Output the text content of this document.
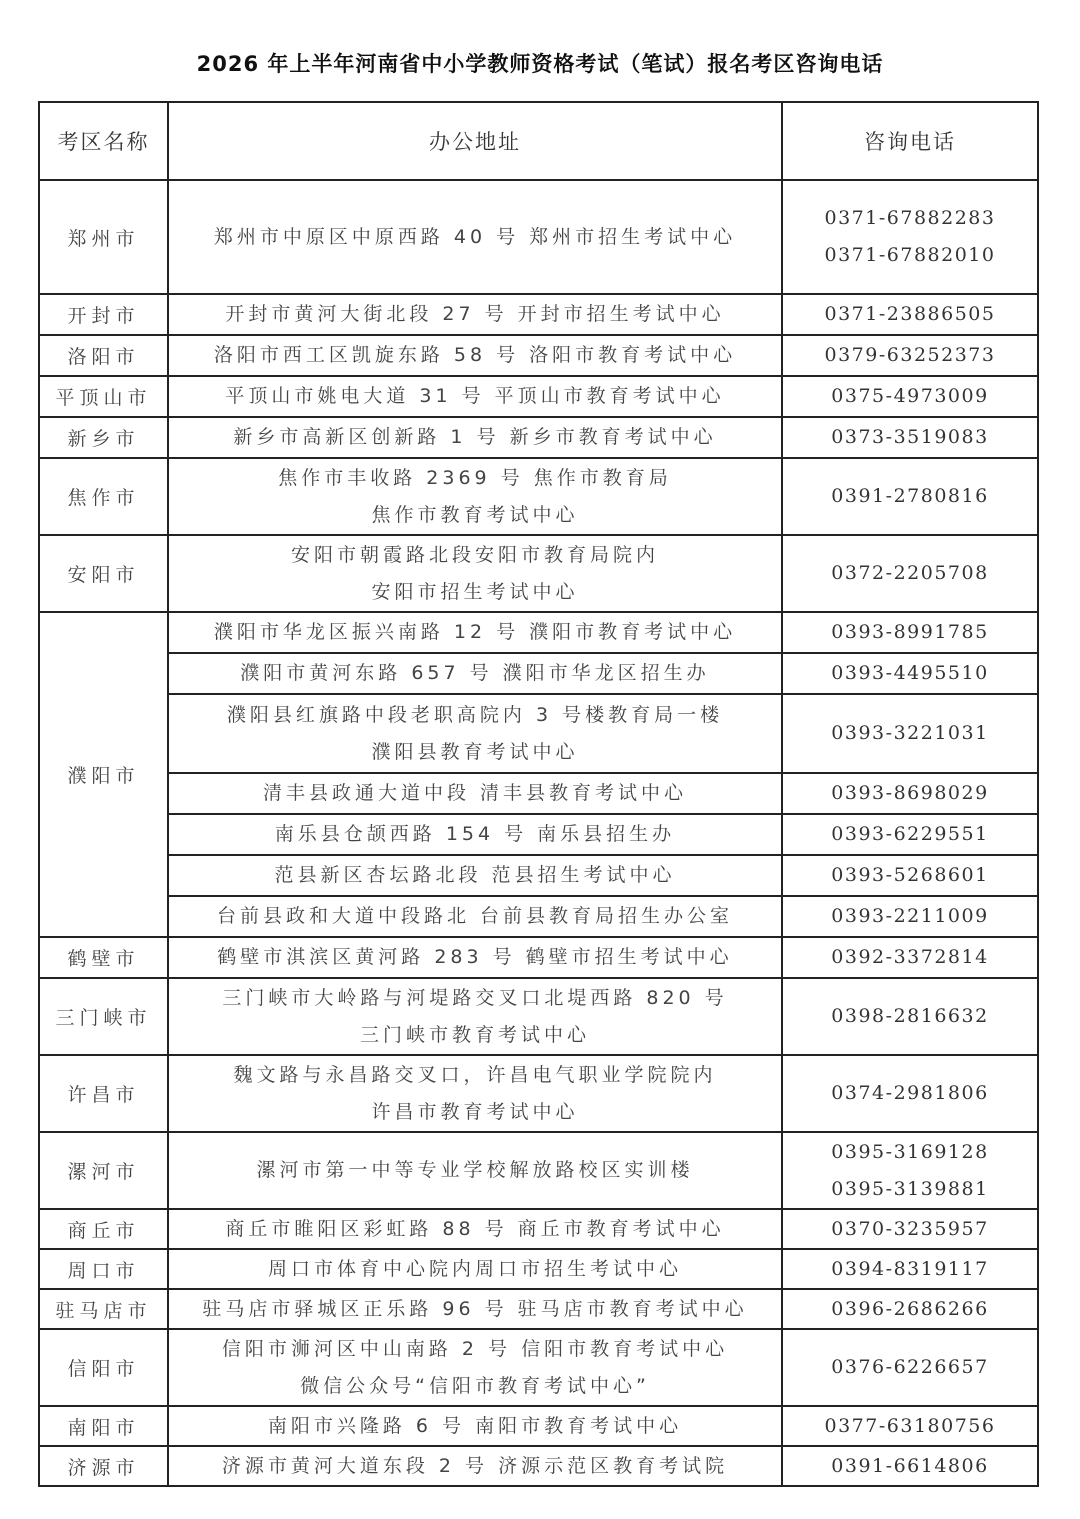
2026 年上半年河南省中小学教师资格考试（笔试）报名考区咨询电话
考区名称	办公地址	咨询电话
郑州市	郑州市中原区中原西路 40 号 郑州市招生考试中心	0371-67882283
0371-67882010

开封市	开封市黄河大街北段 27 号 开封市招生考试中心	0371-23886505

洛阳市	洛阳市西工区凯旋东路 58 号 洛阳市教育考试中心	0379-63252373

平顶山市	平顶山市姚电大道 31 号 平顶山市教育考试中心	0375-4973009

新乡市	新乡市高新区创新路 1 号 新乡市教育考试中心	0373-3519083

焦作市	焦作市丰收路 2369 号 焦作市教育局
焦作市教育考试中心	0391-2780816

安阳市	安阳市朝霞路北段安阳市教育局院内
安阳市招生考试中心	0372-2205708

濮阳市	濮阳市华龙区振兴南路 12 号 濮阳市教育考试中心	0393-8991785

	濮阳市黄河东路 657 号 濮阳市华龙区招生办	0393-4495510

	濮阳县红旗路中段老职高院内 3 号楼教育局一楼
濮阳县教育考试中心	0393-3221031

	清丰县政通大道中段 清丰县教育考试中心	0393-8698029

	南乐县仓颉西路 154 号 南乐县招生办	0393-6229551

	范县新区杏坛路北段 范县招生考试中心	0393-5268601

	台前县政和大道中段路北 台前县教育局招生办公室	0393-2211009

鹤壁市	鹤壁市淇滨区黄河路 283 号 鹤壁市招生考试中心	0392-3372814

三门峡市	三门峡市大岭路与河堤路交叉口北堤西路 820 号
三门峡市教育考试中心	0398-2816632

许昌市	魏文路与永昌路交叉口，许昌电气职业学院院内
许昌市教育考试中心	0374-2981806

漯河市	漯河市第一中等专业学校解放路校区实训楼	0395-3169128
0395-3139881

商丘市	商丘市睢阳区彩虹路 88 号 商丘市教育考试中心	0370-3235957

周口市	周口市体育中心院内周口市招生考试中心	0394-8319117

驻马店市	驻马店市驿城区正乐路 96 号 驻马店市教育考试中心	0396-2686266

信阳市	信阳市浉河区中山南路 2 号 信阳市教育考试中心
微信公众号“信阳市教育考试中心”	0376-6226657

南阳市	南阳市兴隆路 6 号 南阳市教育考试中心	0377-63180756

济源市	济源市黄河大道东段 2 号 济源示范区教育考试院	0391-6614806
